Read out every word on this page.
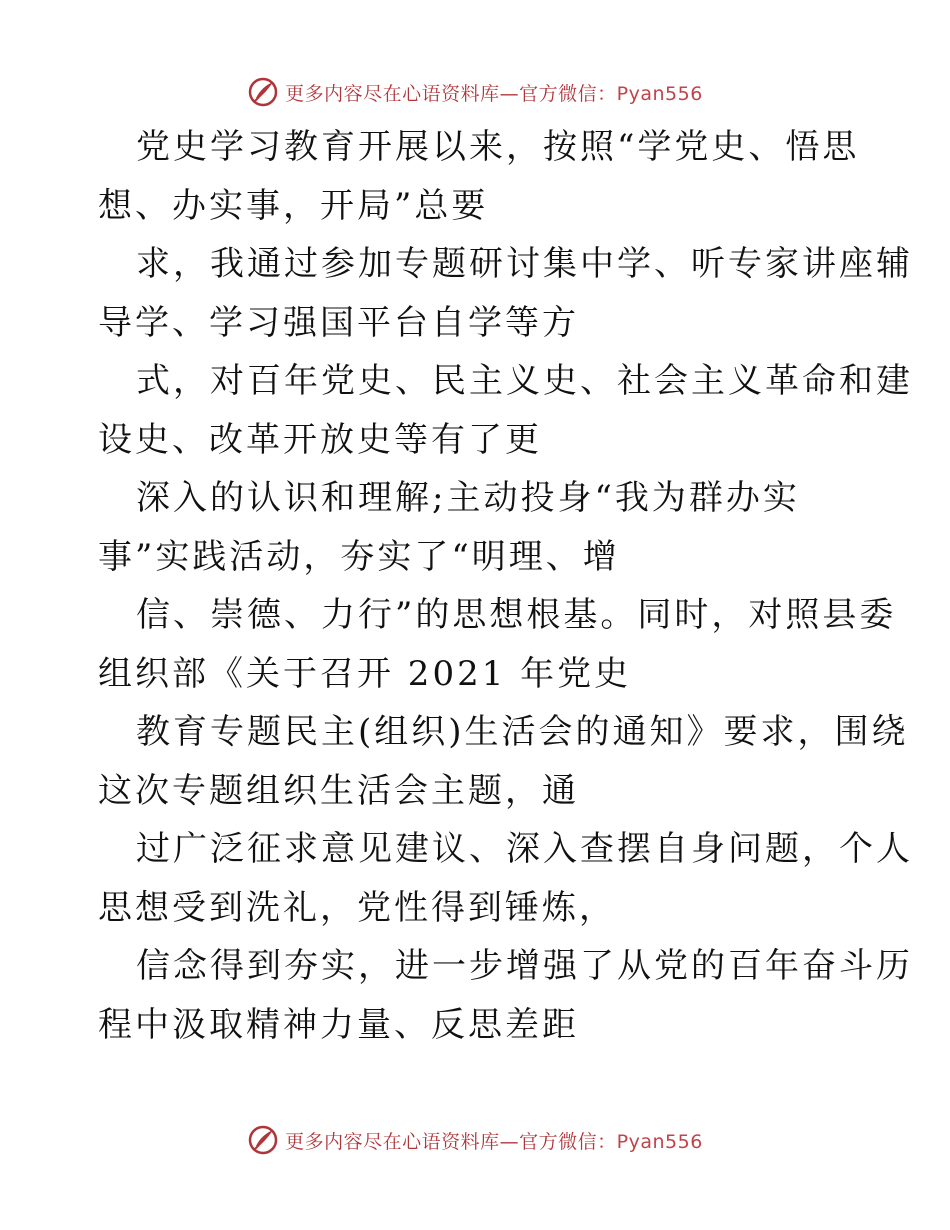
更多内容尽在心语资料库—官方微信：Pyan556

党史学习教育开展以来，按照“学党史、悟思
想、办实事，开局”总要

求，我通过参加专题研讨集中学、听专家讲座辅
导学、学习强国平台自学等方

式，对百年党史、民主义史、社会主义革命和建
设史、改革开放史等有了更

深入的认识和理解;主动投身“我为群办实
事”实践活动，夯实了“明理、增

信、崇德、力行”的思想根基。同时，对照县委
组织部《关于召开 2021 年党史

教育专题民主(组织)生活会的通知》要求，围绕
这次专题组织生活会主题，通

过广泛征求意见建议、深入查摆自身问题，个人
思想受到洗礼，党性得到锤炼，

信念得到夯实，进一步增强了从党的百年奋斗历
程中汲取精神力量、反思差距

更多内容尽在心语资料库—官方微信：Pyan556
